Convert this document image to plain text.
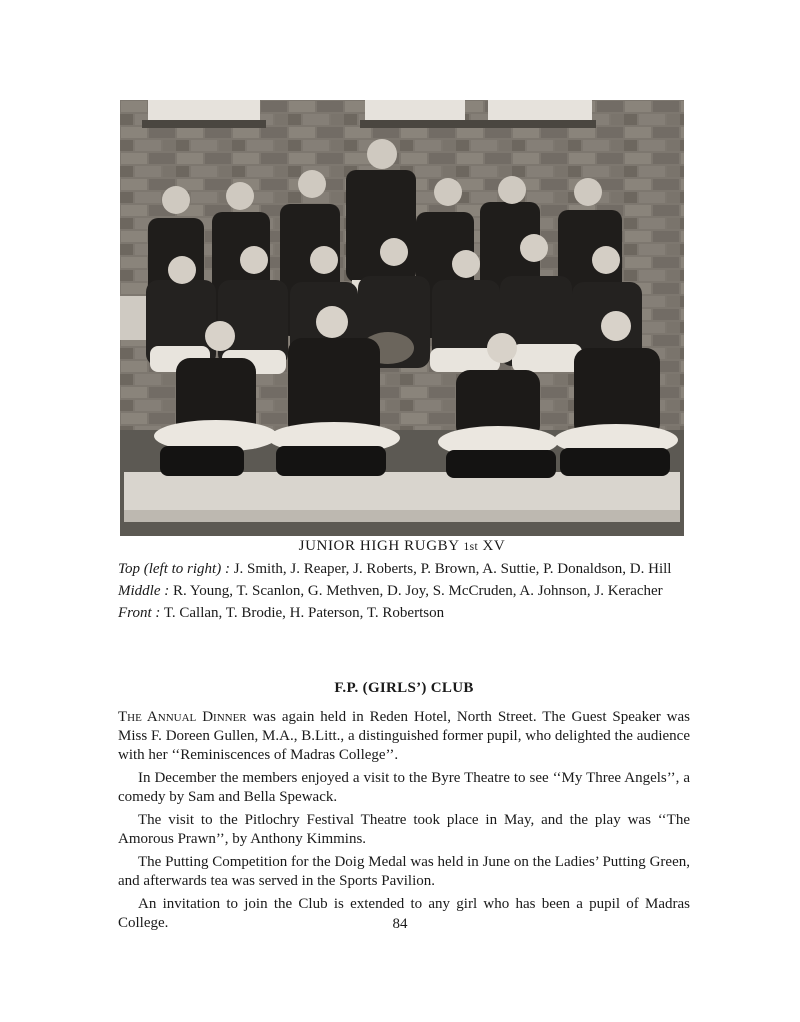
JUNIOR HIGH RUGBY 1st XV

Top (left to right) : J. Smith, J. Reaper, J. Roberts, P. Brown, A. Suttie, P. Donaldson, D. Hill

Middle : R. Young, T. Scanlon, G. Methven, D. Joy, S. McCruden, A. Johnson, J. Keracher

Front : T. Callan, T. Brodie, H. Paterson, T. Robertson

F.P. (GIRLS’) CLUB

The Annual Dinner was again held in Reden Hotel, North Street. The Guest Speaker was Miss F. Doreen Gullen, M.A., B.Litt., a distinguished former pupil, who delighted the audience with her ‘‘Reminiscences of Madras College’’.

In December the members enjoyed a visit to the Byre Theatre to see ‘‘My Three Angels’’, a comedy by Sam and Bella Spewack.

The visit to the Pitlochry Festival Theatre took place in May, and the play was ‘‘The Amorous Prawn’’, by Anthony Kimmins.

The Putting Competition for the Doig Medal was held in June on the Ladies’ Putting Green, and afterwards tea was served in the Sports Pavilion.

An invitation to join the Club is extended to any girl who has been a pupil of Madras College.	84
